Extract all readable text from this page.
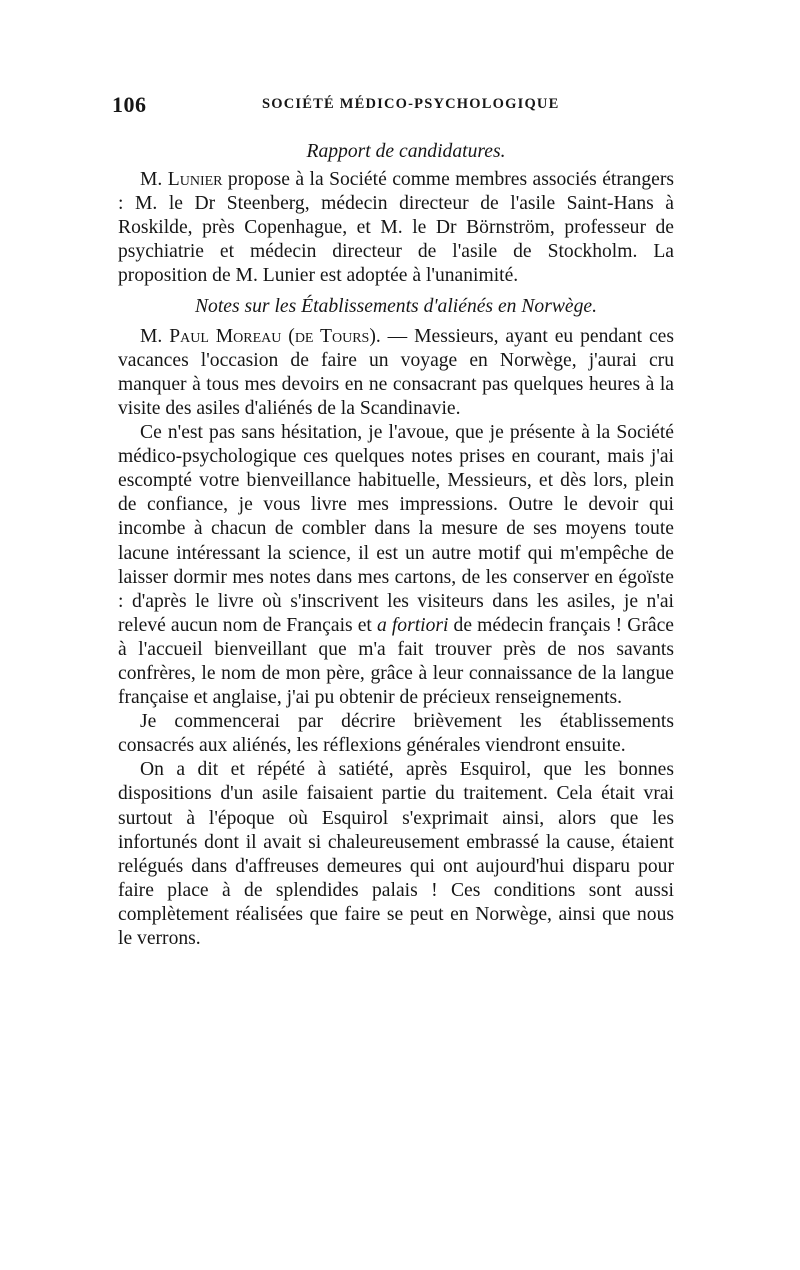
106	SOCIÉTÉ MÉDICO-PSYCHOLOGIQUE

Rapport de candidatures.

M. Lunier propose à la Société comme membres associés étrangers : M. le Dr Steenberg, médecin directeur de l'asile Saint-Hans à Roskilde, près Copenhague, et M. le Dr Börnström, professeur de psychiatrie et médecin directeur de l'asile de Stockholm. La proposition de M. Lunier est adoptée à l'unanimité.

Notes sur les Établissements d'aliénés en Norwège.

M. Paul Moreau (de Tours). — Messieurs, ayant eu pendant ces vacances l'occasion de faire un voyage en Norwège, j'aurai cru manquer à tous mes devoirs en ne consacrant pas quelques heures à la visite des asiles d'aliénés de la Scandinavie.

Ce n'est pas sans hésitation, je l'avoue, que je présente à la Société médico-psychologique ces quelques notes prises en courant, mais j'ai escompté votre bienveillance habituelle, Messieurs, et dès lors, plein de confiance, je vous livre mes impressions. Outre le devoir qui incombe à chacun de combler dans la mesure de ses moyens toute lacune intéressant la science, il est un autre motif qui m'empêche de laisser dormir mes notes dans mes cartons, de les conserver en égoïste : d'après le livre où s'inscrivent les visiteurs dans les asiles, je n'ai relevé aucun nom de Français et a fortiori de médecin français ! Grâce à l'accueil bienveillant que m'a fait trouver près de nos savants confrères, le nom de mon père, grâce à leur connaissance de la langue française et anglaise, j'ai pu obtenir de précieux renseignements.

Je commencerai par décrire brièvement les établissements consacrés aux aliénés, les réflexions générales viendront ensuite.

On a dit et répété à satiété, après Esquirol, que les bonnes dispositions d'un asile faisaient partie du traitement. Cela était vrai surtout à l'époque où Esquirol s'exprimait ainsi, alors que les infortunés dont il avait si chaleureusement embrassé la cause, étaient relégués dans d'affreuses demeures qui ont aujourd'hui disparu pour faire place à de splendides palais ! Ces conditions sont aussi complètement réalisées que faire se peut en Norwège, ainsi que nous le verrons.
